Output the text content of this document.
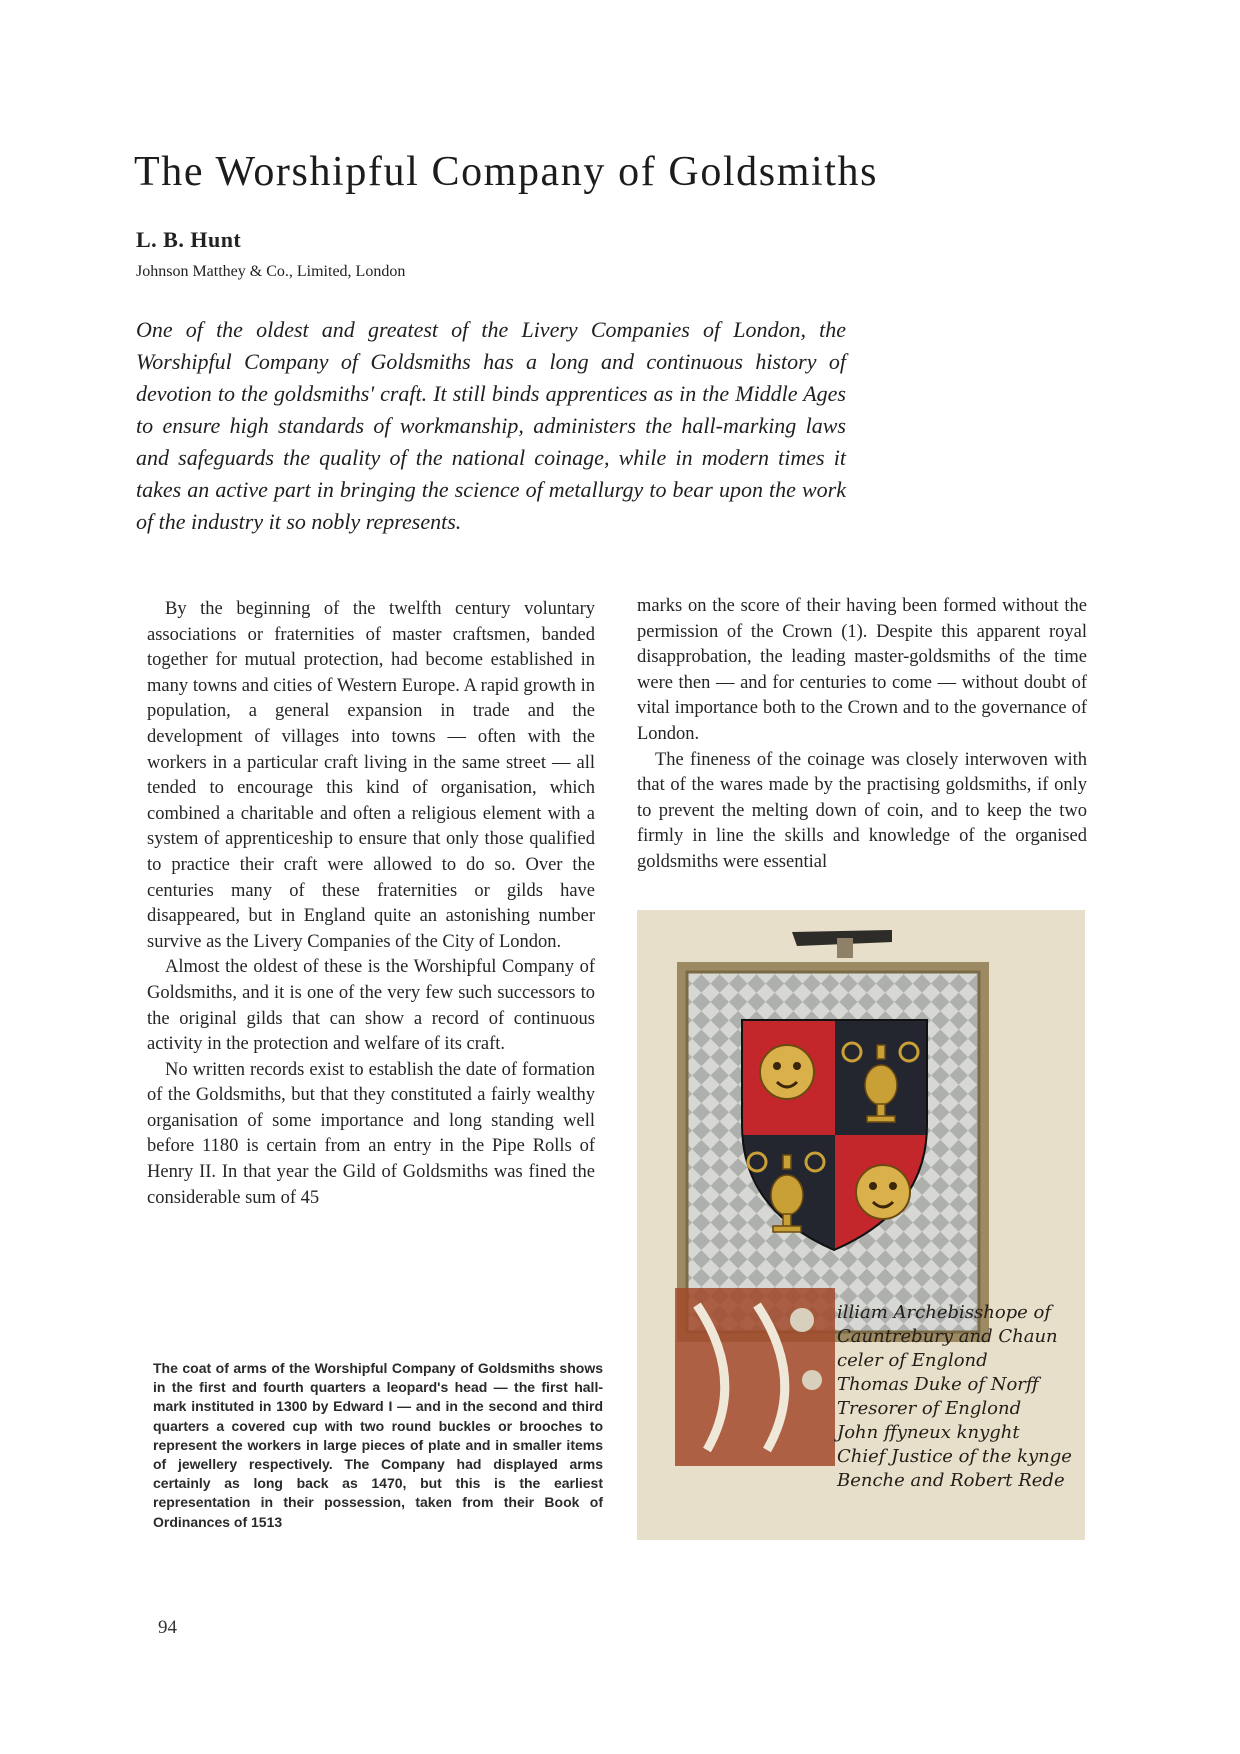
The Worshipful Company of Goldsmiths
L. B. Hunt
Johnson Matthey & Co., Limited, London
One of the oldest and greatest of the Livery Companies of London, the Worshipful Company of Goldsmiths has a long and continuous history of devotion to the goldsmiths' craft. It still binds apprentices as in the Middle Ages to ensure high standards of workmanship, administers the hall-marking laws and safeguards the quality of the national coinage, while in modern times it takes an active part in bringing the science of metallurgy to bear upon the work of the industry it so nobly represents.

By the beginning of the twelfth century voluntary associations or fraternities of master craftsmen, banded together for mutual protection, had become established in many towns and cities of Western Europe. A rapid growth in population, a general expansion in trade and the development of villages into towns — often with the workers in a particular craft living in the same street — all tended to encourage this kind of organisation, which combined a charitable and often a religious element with a system of apprenticeship to ensure that only those qualified to practice their craft were allowed to do so. Over the centuries many of these fraternities or gilds have disappeared, but in England quite an astonishing number survive as the Livery Companies of the City of London.

Almost the oldest of these is the Worshipful Company of Goldsmiths, and it is one of the very few such successors to the original gilds that can show a record of continuous activity in the protection and welfare of its craft.

No written records exist to establish the date of formation of the Goldsmiths, but that they constituted a fairly wealthy organisation of some importance and long standing well before 1180 is certain from an entry in the Pipe Rolls of Henry II. In that year the Gild of Goldsmiths was fined the considerable sum of 45

marks on the score of their having been formed without the permission of the Crown (1). Despite this apparent royal disapprobation, the leading master-goldsmiths of the time were then — and for centuries to come — without doubt of vital importance both to the Crown and to the governance of London.

The fineness of the coinage was closely interwoven with that of the wares made by the practising goldsmiths, if only to prevent the melting down of coin, and to keep the two firmly in line the skills and knowledge of the organised goldsmiths were essential

illiam Archebisshope of
Cauntrebury and Chaun
celer of Englond
Thomas Duke of Norff
Tresorer of Englond
John ffyneux knyght
Chief Justice of the kynge
Benche and Robert Rede
The coat of arms of the Worshipful Company of Goldsmiths shows in the first and fourth quarters a leopard's head — the first hall-mark instituted in 1300 by Edward I — and in the second and third quarters a covered cup with two round buckles or brooches to represent the workers in large pieces of plate and in smaller items of jewellery respectively. The Company had displayed arms certainly as long back as 1470, but this is the earliest representation in their possession, taken from their Book of Ordinances of 1513
94
